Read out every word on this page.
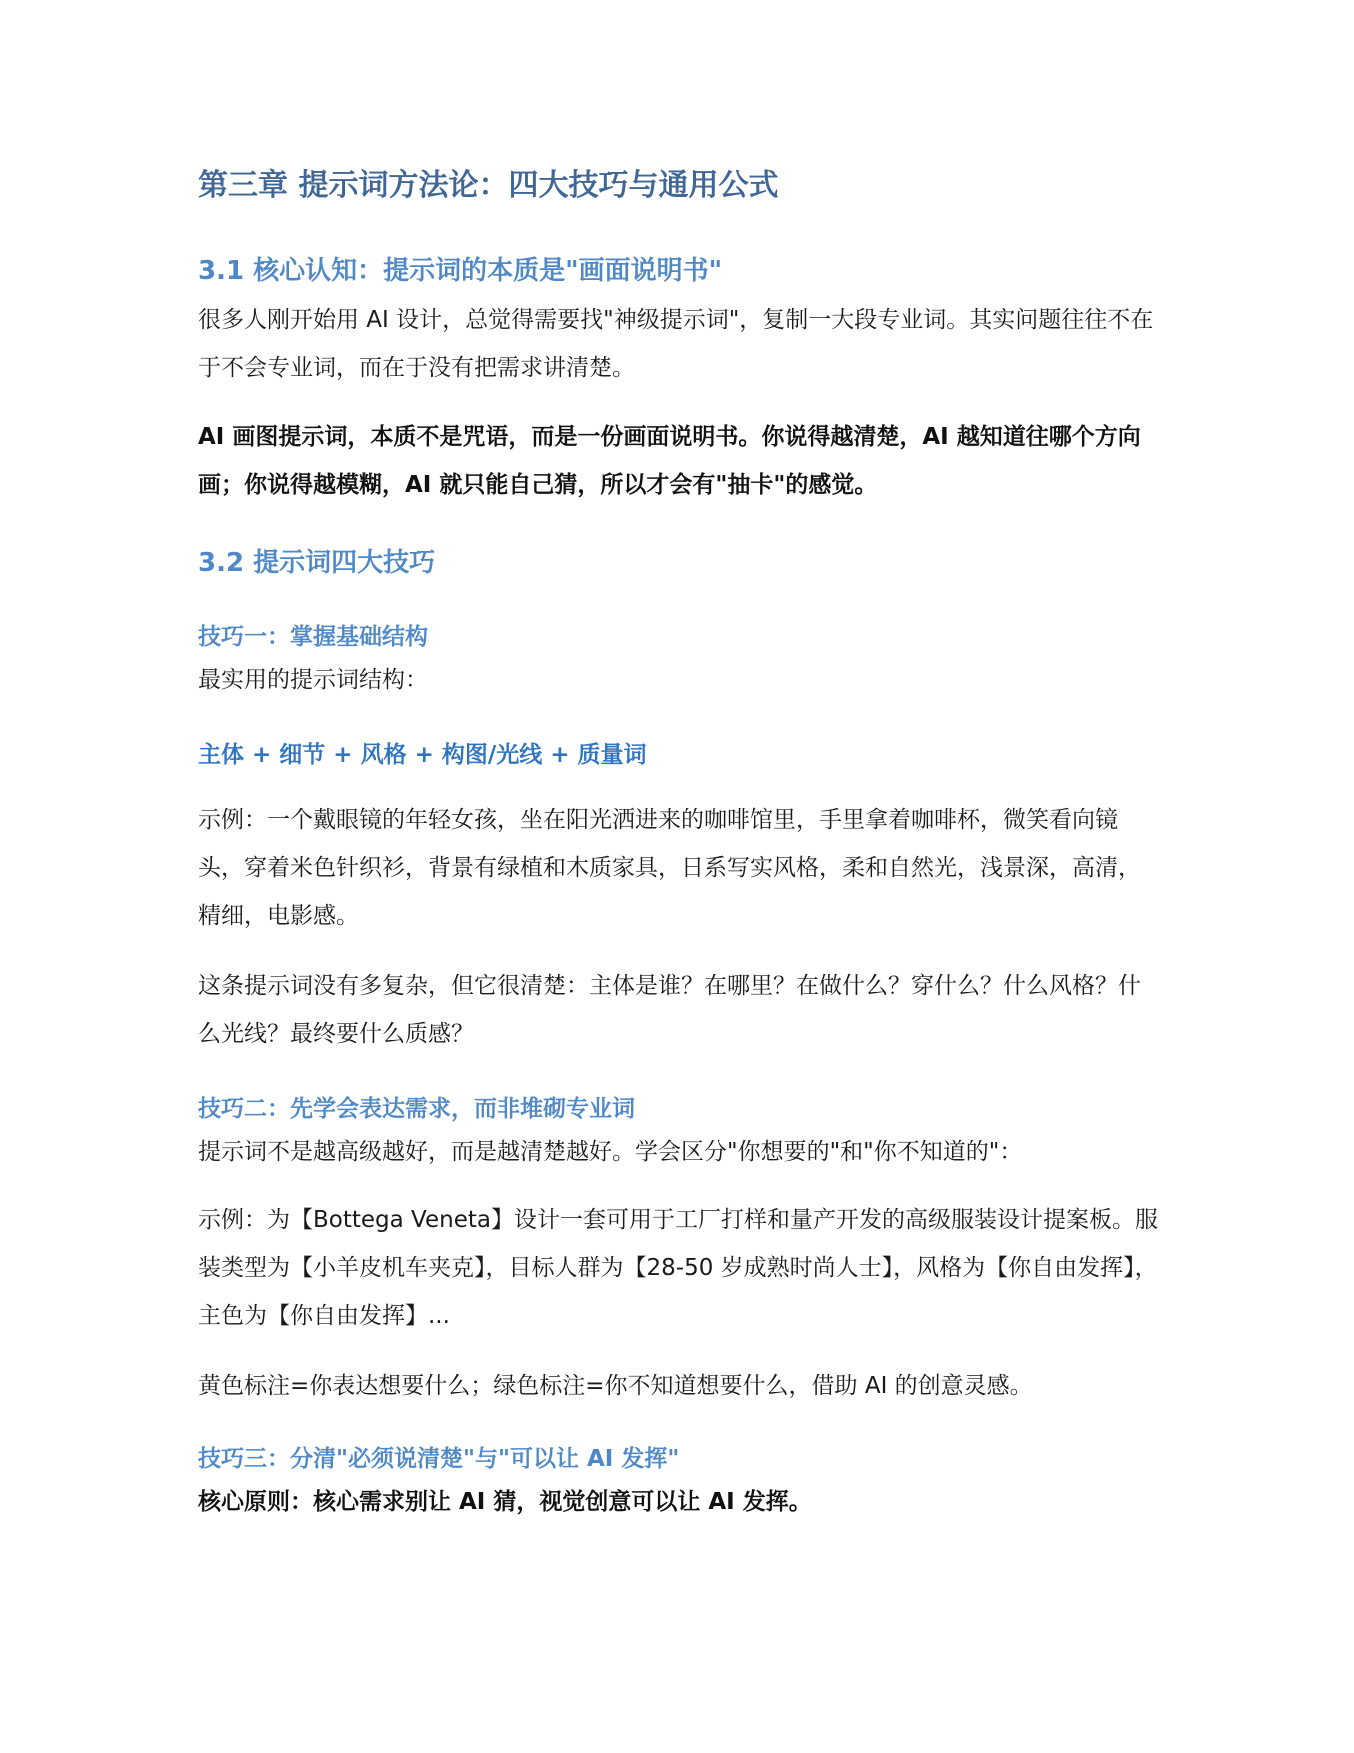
第三章 提示词方法论：四大技巧与通用公式
3.1 核心认知：提示词的本质是"画面说明书"

很多人刚开始用 AI 设计，总觉得需要找"神级提示词"，复制一大段专业词。其实问题往往不在于不会专业词，而在于没有把需求讲清楚。

AI 画图提示词，本质不是咒语，而是一份画面说明书。你说得越清楚，AI 越知道往哪个方向画；你说得越模糊，AI 就只能自己猜，所以才会有"抽卡"的感觉。

3.2 提示词四大技巧
技巧一：掌握基础结构

最实用的提示词结构：

主体 + 细节 + 风格 + 构图/光线 + 质量词

示例：一个戴眼镜的年轻女孩，坐在阳光洒进来的咖啡馆里，手里拿着咖啡杯，微笑看向镜头，穿着米色针织衫，背景有绿植和木质家具，日系写实风格，柔和自然光，浅景深，高清，精细，电影感。

这条提示词没有多复杂，但它很清楚：主体是谁？在哪里？在做什么？穿什么？什么风格？什么光线？最终要什么质感？

技巧二：先学会表达需求，而非堆砌专业词

提示词不是越高级越好，而是越清楚越好。学会区分"你想要的"和"你不知道的"：

示例：为【Bottega Veneta】设计一套可用于工厂打样和量产开发的高级服装设计提案板。服装类型为【小羊皮机车夹克】，目标人群为【28-50 岁成熟时尚人士】，风格为【你自由发挥】，主色为【你自由发挥】...

黄色标注=你表达想要什么；绿色标注=你不知道想要什么，借助 AI 的创意灵感。

技巧三：分清"必须说清楚"与"可以让 AI 发挥"

核心原则：核心需求别让 AI 猜，视觉创意可以让 AI 发挥。
